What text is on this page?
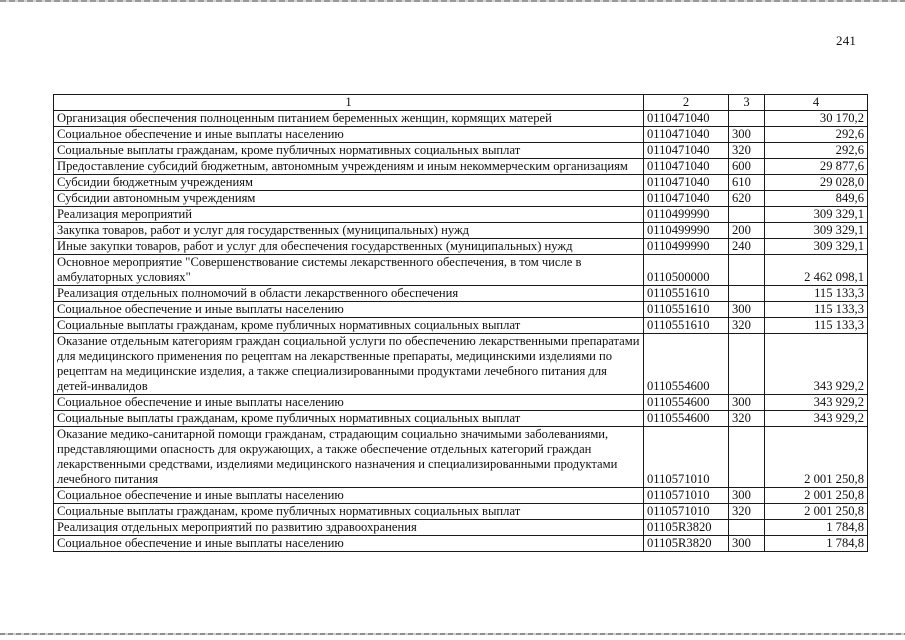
241
1	2	3	4
Организация обеспечения полноценным питанием беременных женщин, кормящих матерей	0110471040		30 170,2
Социальное обеспечение и иные выплаты населению	0110471040	300	292,6
Социальные выплаты гражданам, кроме публичных нормативных социальных выплат	0110471040	320	292,6
Предоставление субсидий бюджетным, автономным учреждениям и иным некоммерческим организациям	0110471040	600	29 877,6
Субсидии бюджетным учреждениям	0110471040	610	29 028,0
Субсидии автономным учреждениям	0110471040	620	849,6
Реализация мероприятий	0110499990		309 329,1
Закупка товаров, работ и услуг для государственных (муниципальных) нужд	0110499990	200	309 329,1
Иные закупки товаров, работ и услуг для обеспечения государственных (муниципальных) нужд	0110499990	240	309 329,1
Основное мероприятие "Совершенствование системы лекарственного обеспечения, в том числе в амбулаторных условиях"	0110500000		2 462 098,1
Реализация отдельных полномочий в области лекарственного обеспечения	0110551610		115 133,3
Социальное обеспечение и иные выплаты населению	0110551610	300	115 133,3
Социальные выплаты гражданам, кроме публичных нормативных социальных выплат	0110551610	320	115 133,3
Оказание отдельным категориям граждан социальной услуги по обеспечению лекарственными препаратами для медицинского применения по рецептам на лекарственные препараты, медицинскими изделиями по рецептам на медицинские изделия, а также специализированными продуктами лечебного питания для детей-инвалидов	0110554600		343 929,2
Социальное обеспечение и иные выплаты населению	0110554600	300	343 929,2
Социальные выплаты гражданам, кроме публичных нормативных социальных выплат	0110554600	320	343 929,2
Оказание медико-санитарной помощи гражданам, страдающим социально значимыми заболеваниями, представляющими опасность для окружающих, а также обеспечение отдельных категорий граждан лекарственными средствами, изделиями медицинского назначения и специализированными продуктами лечебного питания	0110571010		2 001 250,8
Социальное обеспечение и иные выплаты населению	0110571010	300	2 001 250,8
Социальные выплаты гражданам, кроме публичных нормативных социальных выплат	0110571010	320	2 001 250,8
Реализация отдельных мероприятий по развитию здравоохранения	01105R3820		1 784,8
Социальное обеспечение и иные выплаты населению	01105R3820	300	1 784,8
